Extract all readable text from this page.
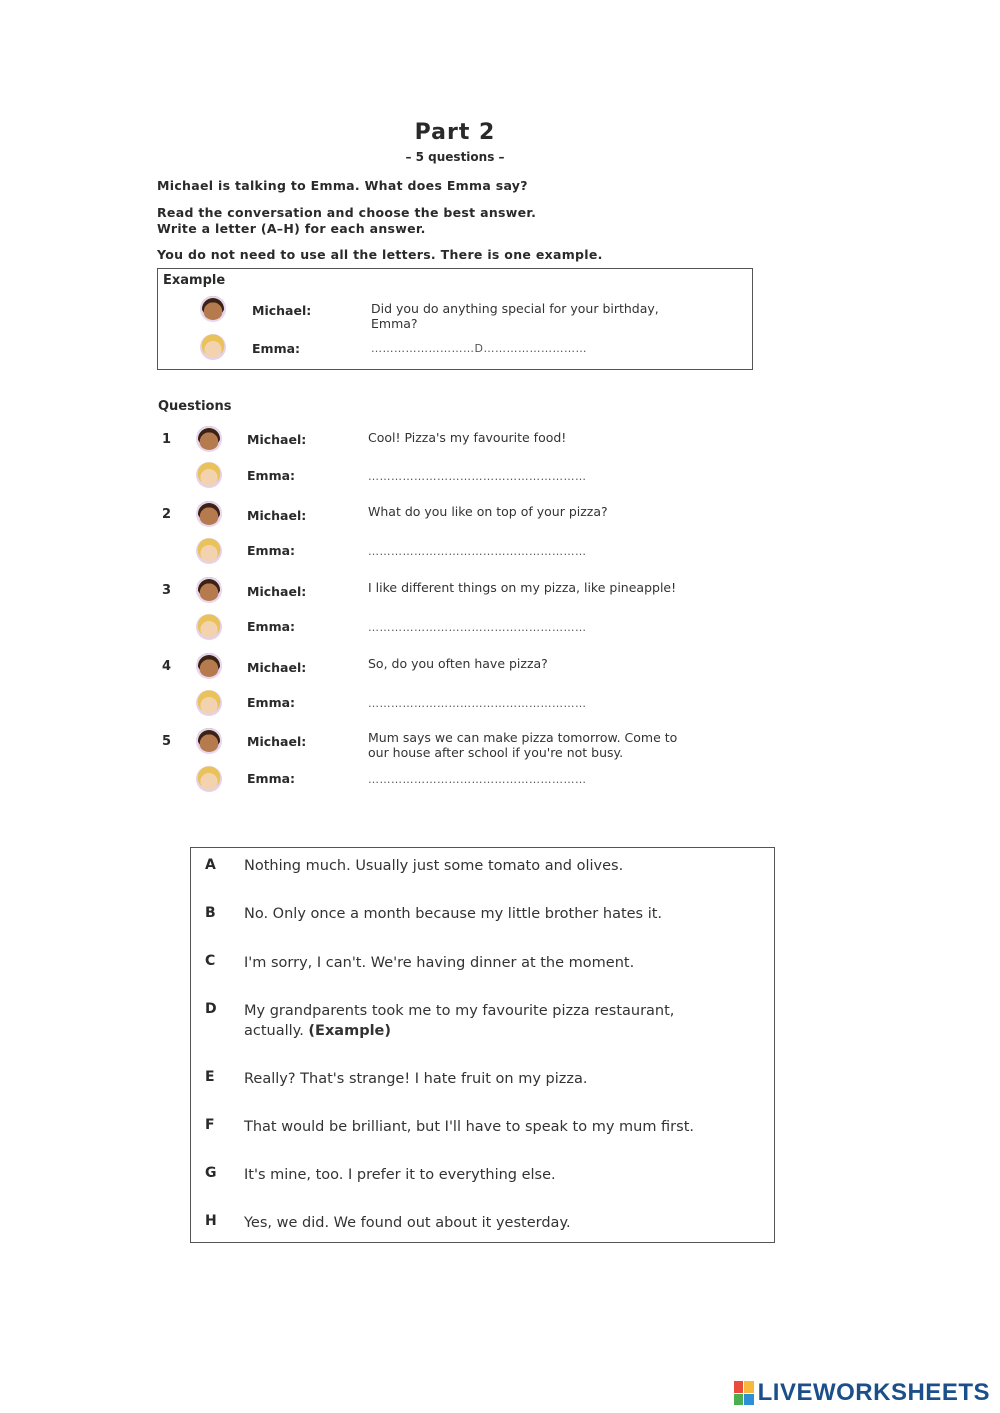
Part 2
– 5 questions –
Michael is talking to Emma. What does Emma say?
Read the conversation and choose the best answer.
Write a letter (A–H) for each answer.
You do not need to use all the letters. There is one example.
Example
Michael:	Did you do anything special for your birthday,
Emma?
Emma:	………………………D………………………
Questions
1	Michael:	Cool! Pizza's my favourite food!
Emma:	…………………………………………………
2	Michael:	What do you like on top of your pizza?
Emma:	…………………………………………………
3	Michael:	I like different things on my pizza, like pineapple!
Emma:	…………………………………………………
4	Michael:	So, do you often have pizza?
Emma:	…………………………………………………
5	Michael:	Mum says we can make pizza tomorrow. Come to
our house after school if you're not busy.
Emma:	…………………………………………………
A Nothing much. Usually just some tomato and olives.
B No. Only once a month because my little brother hates it.
C I'm sorry, I can't. We're having dinner at the moment.
D My grandparents took me to my favourite pizza restaurant, actually. (Example)
E Really? That's strange! I hate fruit on my pizza.
F That would be brilliant, but I'll have to speak to my mum first.
G It's mine, too. I prefer it to everything else.
H Yes, we did. We found out about it yesterday.
LIVEWORKSHEETS
